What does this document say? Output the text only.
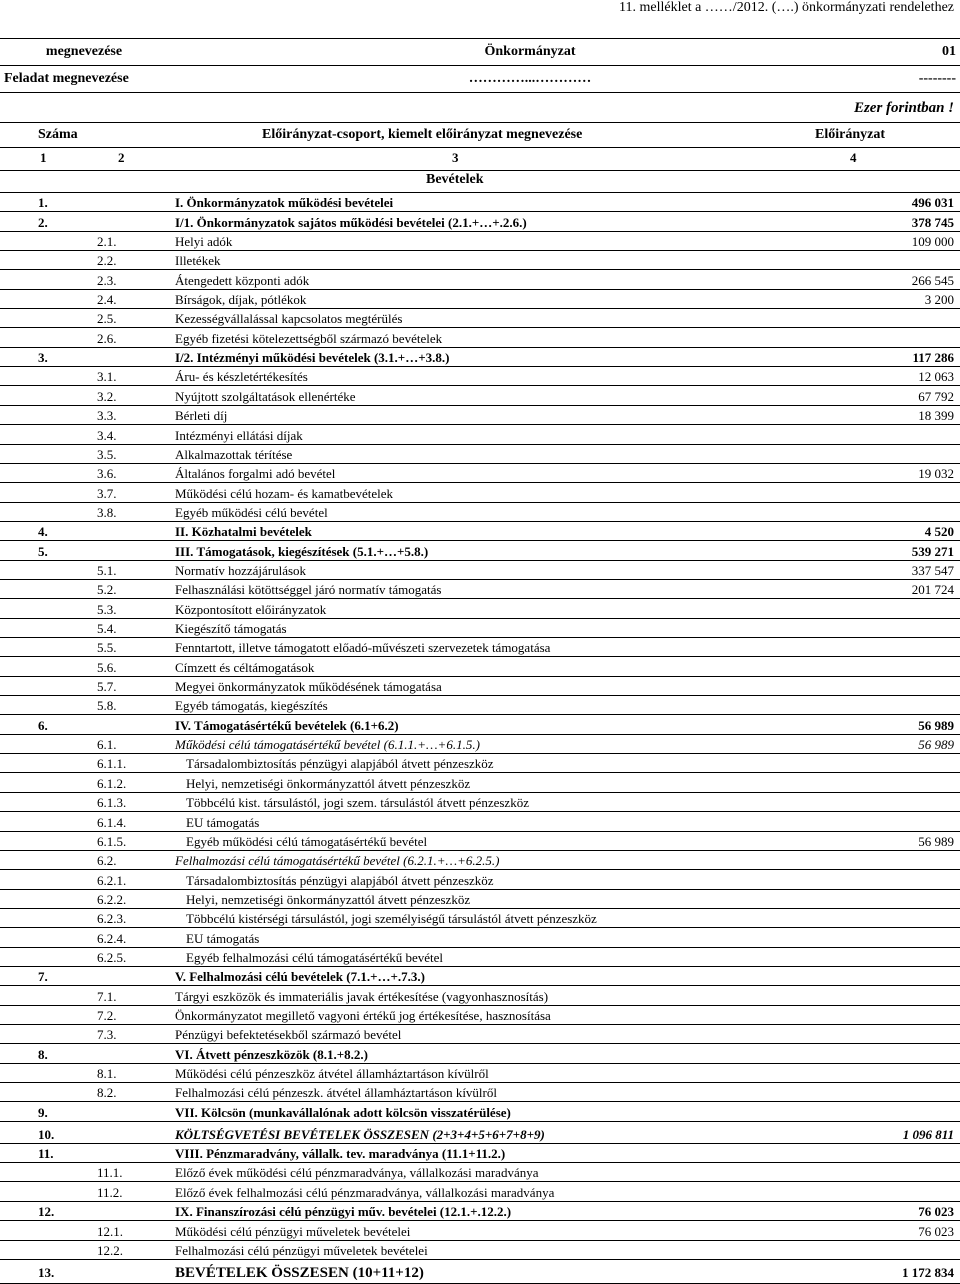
11. melléklet a ……/2012. (….) önkormányzati rendelethez
megnevezése	Önkormányzat	01
Feladat megnevezése	…………...…………	--------
Ezer forintban !
Száma	Előirányzat-csoport, kiemelt előirányzat megnevezése	Előirányzat
1	2	3	4
Bevételek
1.	I. Önkormányzatok működési bevételei	496 031
2.	I/1. Önkormányzatok sajátos működési bevételei (2.1.+…+.2.6.)	378 745
2.1.	Helyi adók	109 000
2.2.	Illetékek
2.3.	Átengedett központi adók	266 545
2.4.	Bírságok, díjak, pótlékok	3 200
2.5.	Kezességvállalással kapcsolatos megtérülés
2.6.	Egyéb fizetési kötelezettségből származó bevételek
3.	I/2. Intézményi működési bevételek (3.1.+…+3.8.)	117 286
3.1.	Áru- és készletértékesítés	12 063
3.2.	Nyújtott szolgáltatások ellenértéke	67 792
3.3.	Bérleti díj	18 399
3.4.	Intézményi ellátási díjak
3.5.	Alkalmazottak térítése
3.6.	Általános forgalmi adó bevétel	19 032
3.7.	Működési célú hozam- és kamatbevételek
3.8.	Egyéb működési célú bevétel
4.	II. Közhatalmi bevételek	4 520
5.	III. Támogatások, kiegészítések (5.1.+…+5.8.)	539 271
5.1.	Normatív hozzájárulások	337 547
5.2.	Felhasználási kötöttséggel járó normatív támogatás	201 724
5.3.	Központosított előirányzatok
5.4.	Kiegészítő támogatás
5.5.	Fenntartott, illetve támogatott előadó-művészeti szervezetek támogatása
5.6.	Címzett és céltámogatások
5.7.	Megyei önkormányzatok működésének támogatása
5.8.	Egyéb támogatás, kiegészítés
6.	IV. Támogatásértékű bevételek (6.1+6.2)	56 989
6.1.	Működési célú támogatásértékű bevétel (6.1.1.+…+6.1.5.)	56 989
6.1.1.	Társadalombiztosítás pénzügyi alapjából átvett pénzeszköz
6.1.2.	Helyi, nemzetiségi önkormányzattól átvett pénzeszköz
6.1.3.	Többcélú kist. társulástól, jogi szem. társulástól átvett pénzeszköz
6.1.4.	EU támogatás
6.1.5.	Egyéb működési célú támogatásértékű bevétel	56 989
6.2.	Felhalmozási célú támogatásértékű bevétel (6.2.1.+…+6.2.5.)
6.2.1.	Társadalombiztosítás pénzügyi alapjából átvett pénzeszköz
6.2.2.	Helyi, nemzetiségi önkormányzattól átvett pénzeszköz
6.2.3.	Többcélú kistérségi társulástól, jogi személyiségű társulástól átvett pénzeszköz
6.2.4.	EU támogatás
6.2.5.	Egyéb felhalmozási célú támogatásértékű bevétel
7.	V. Felhalmozási célú bevételek (7.1.+…+.7.3.)
7.1.	Tárgyi eszközök és immateriális javak értékesítése (vagyonhasznosítás)
7.2.	Önkormányzatot megillető vagyoni értékű jog értékesítése, hasznosítása
7.3.	Pénzügyi befektetésekből származó bevétel
8.	VI. Átvett pénzeszközök (8.1.+8.2.)
8.1.	Működési célú pénzeszköz átvétel államháztartáson kívülről
8.2.	Felhalmozási célú pénzeszk. átvétel államháztartáson kívülről
9.	VII. Kölcsön (munkavállalónak adott kölcsön visszatérülése)
10.	KÖLTSÉGVETÉSI BEVÉTELEK ÖSSZESEN (2+3+4+5+6+7+8+9)	1 096 811
11.	VIII. Pénzmaradvány, vállalk. tev. maradványa (11.1+11.2.)
11.1.	Előző évek működési célú pénzmaradványa, vállalkozási maradványa
11.2.	Előző évek felhalmozási célú pénzmaradványa, vállalkozási maradványa
12.	IX. Finanszírozási célú pénzügyi műv. bevételei (12.1.+.12.2.)	76 023
12.1.	Működési célú pénzügyi műveletek bevételei	76 023
12.2.	Felhalmozási célú pénzügyi műveletek bevételei
13.	BEVÉTELEK ÖSSZESEN (10+11+12)	1 172 834
